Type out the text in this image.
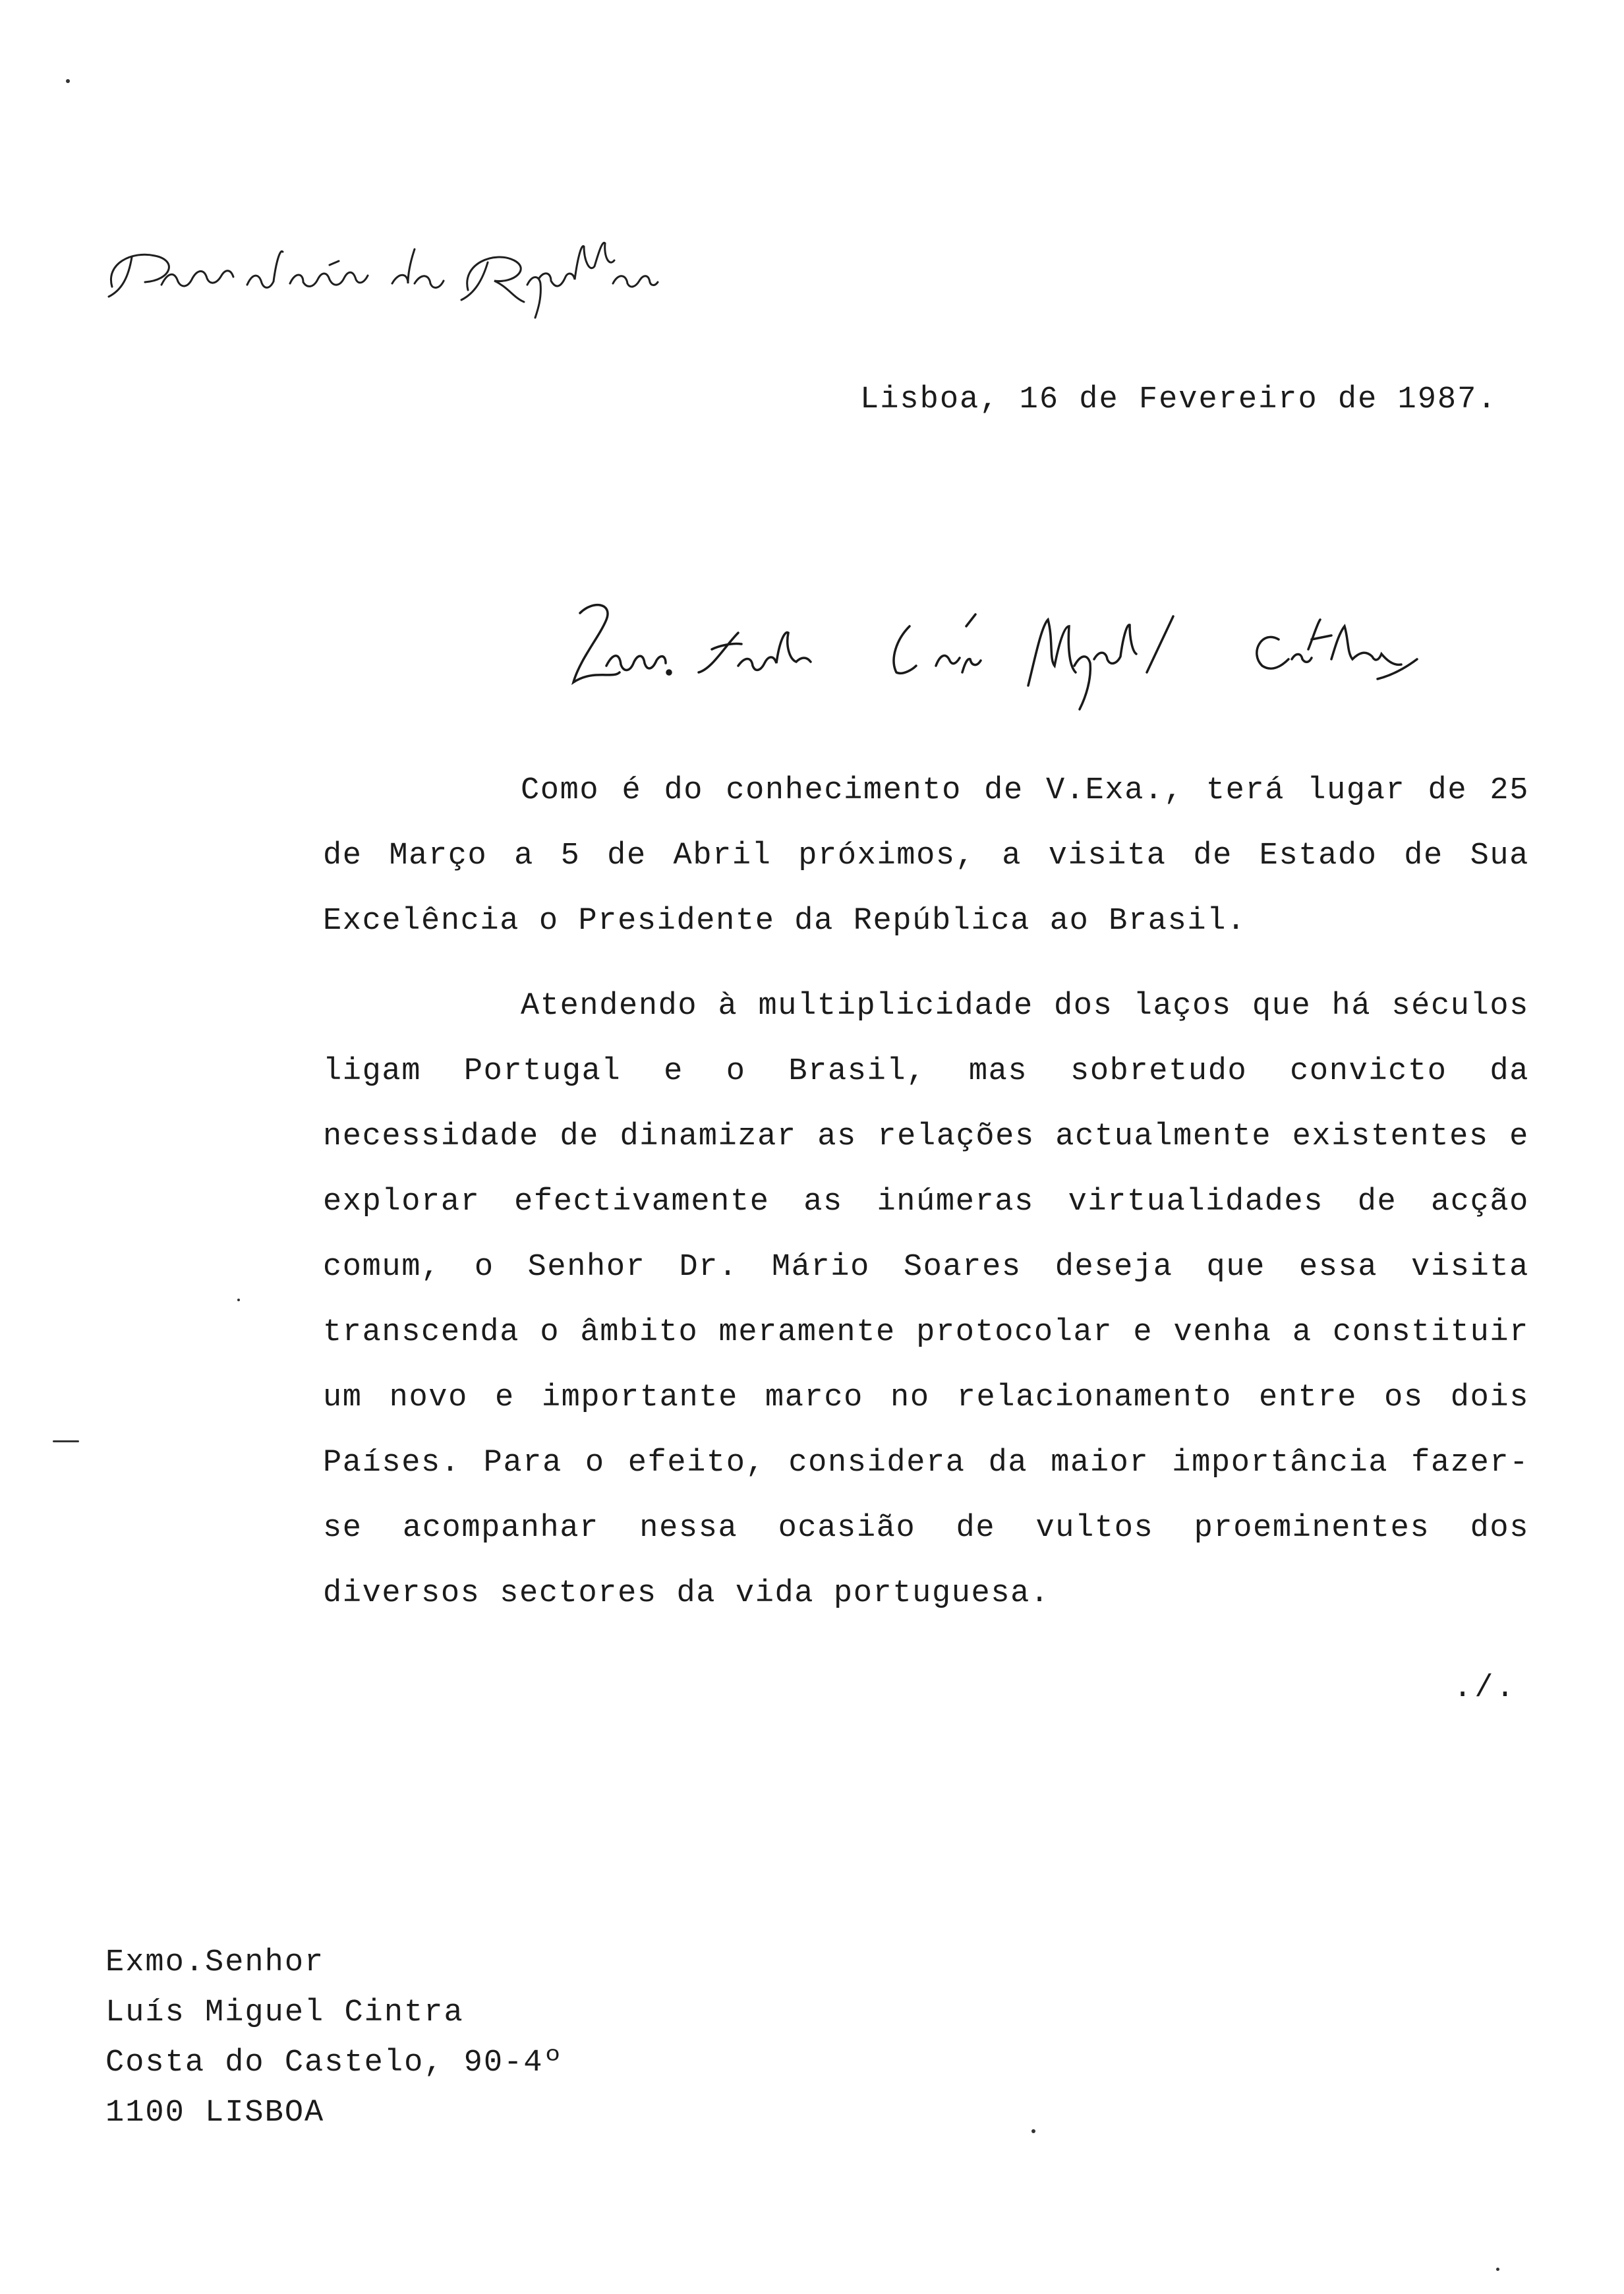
Lisboa, 16 de Fevereiro de 1987.

Como é do conhecimento de V.Exa., terá lugar de 25 de Março a 5 de Abril próximos, a visita de Estado de Sua Excelência o Presidente da República ao Brasil.

Atendendo à multiplicidade dos laços que há séculos ligam Portugal e o Brasil, mas sobretudo convicto da necessidade de dinamizar as relações actualmente existentes e explorar efectivamente as inúmeras virtualidades de acção comum, o Senhor Dr. Mário Soares deseja que essa visita transcenda o âmbito meramente protocolar e venha a constituir um novo e importante marco no relacionamento entre os dois Países. Para o efeito, considera da maior importância fazer-se acompanhar nessa ocasião de vultos proeminentes dos diversos sectores da vida portuguesa.

./.
Exmo.Senhor
Luís Miguel Cintra
Costa do Castelo, 90-4º
1100 LISBOA
